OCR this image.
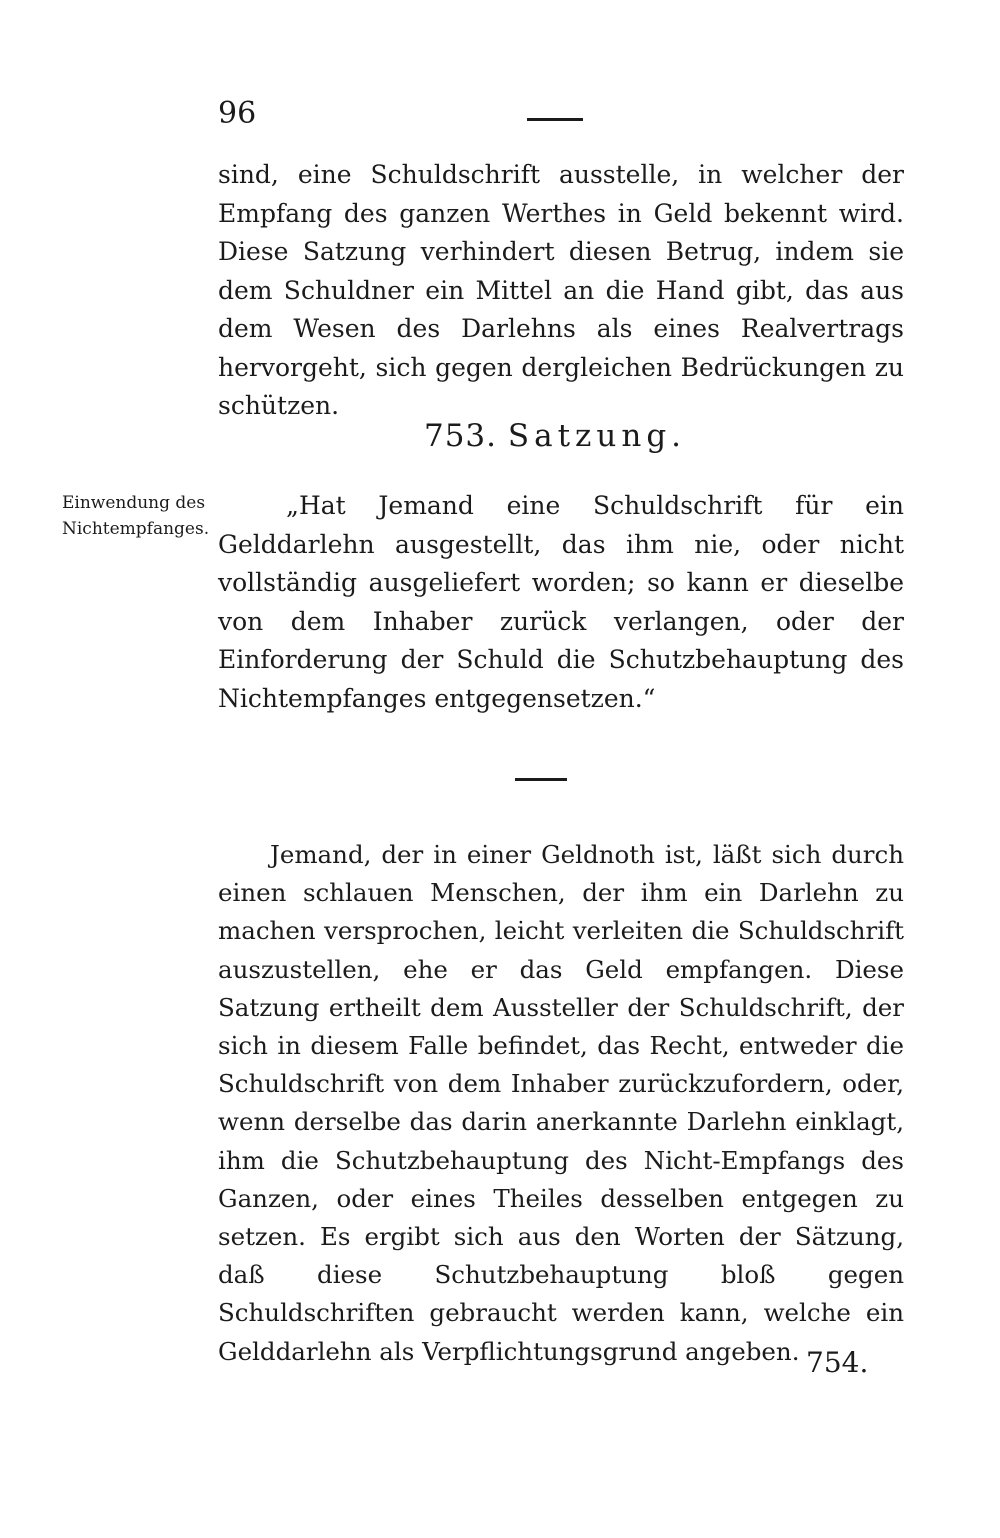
96

sind, eine Schuldschrift ausstelle, in welcher der Empfang des ganzen Werthes in Geld bekennt wird. Diese Satzung verhindert diesen Betrug, indem sie dem Schuldner ein Mittel an die Hand gibt, das aus dem Wesen des Darlehns als eines Realvertrags hervorgeht, sich gegen dergleichen Bedrückungen zu schützen.

753. Satzung.
Einwendung des Nichtempfanges.

„Hat Jemand eine Schuldschrift für ein Gelddarlehn ausgestellt, das ihm nie, oder nicht vollständig ausgeliefert worden; so kann er dieselbe von dem Inhaber zurück verlangen, oder der Einforderung der Schuld die Schutzbehauptung des Nichtempfanges entgegensetzen.“

Jemand, der in einer Geldnoth ist, läßt sich durch einen schlauen Menschen, der ihm ein Darlehn zu machen versprochen, leicht verleiten die Schuldschrift auszustellen, ehe er das Geld empfangen. Diese Satzung ertheilt dem Aussteller der Schuldschrift, der sich in diesem Falle befindet, das Recht, entweder die Schuldschrift von dem Inhaber zurückzufordern, oder, wenn derselbe das darin anerkannte Darlehn einklagt, ihm die Schutzbehauptung des Nicht-Empfangs des Ganzen, oder eines Theiles desselben entgegen zu setzen. Es ergibt sich aus den Worten der Sätzung, daß diese Schutzbehauptung bloß gegen Schuldschriften gebraucht werden kann, welche ein Gelddarlehn als Verpflichtungsgrund angeben. 754.
